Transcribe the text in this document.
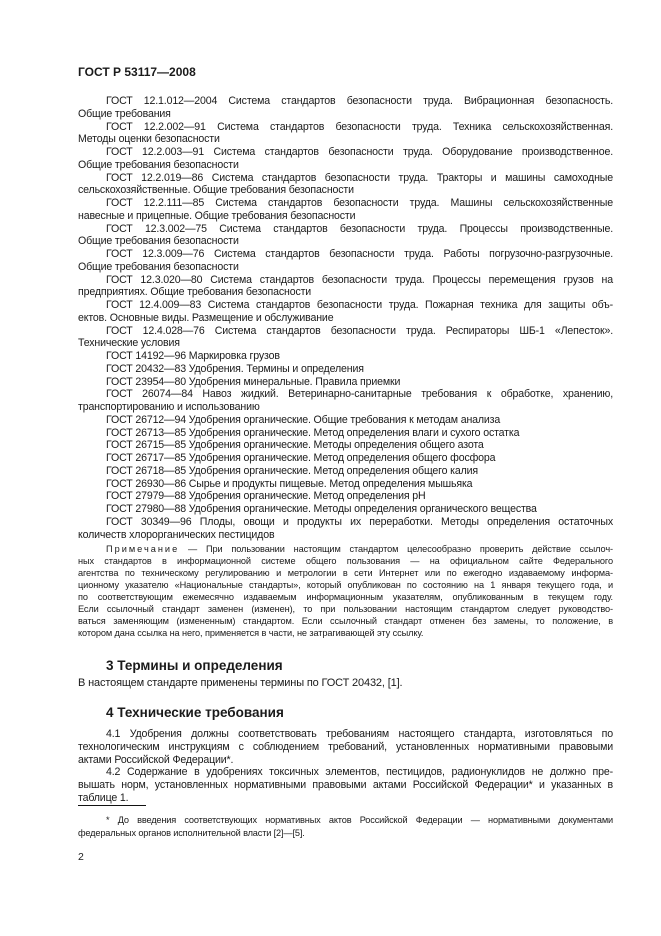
ГОСТ Р 53117—2008
ГОСТ 12.1.012—2004 Система стандартов безопасности труда. Вибрационная безопасность.
Общие требования
ГОСТ 12.2.002—91 Система стандартов безопасности труда. Техника сельскохозяйственная.
Методы оценки безопасности
ГОСТ 12.2.003—91 Система стандартов безопасности труда. Оборудование производственное.
Общие требования безопасности
ГОСТ 12.2.019—86 Система стандартов безопасности труда. Тракторы и машины самоходные
сельскохозяйственные. Общие требования безопасности
ГОСТ 12.2.111—85 Система стандартов безопасности труда. Машины сельскохозяйственные
навесные и прицепные. Общие требования безопасности
ГОСТ 12.3.002—75 Система стандартов безопасности труда. Процессы производственные.
Общие требования безопасности
ГОСТ 12.3.009—76 Система стандартов безопасности труда. Работы погрузочно-разгрузочные.
Общие требования безопасности
ГОСТ 12.3.020—80 Система стандартов безопасности труда. Процессы перемещения грузов на
предприятиях. Общие требования безопасности
ГОСТ 12.4.009—83 Система стандартов безопасности труда. Пожарная техника для защиты объ-
ектов. Основные виды. Размещение и обслуживание
ГОСТ 12.4.028—76 Система стандартов безопасности труда. Респираторы ШБ-1 «Лепесток».
Технические условия
ГОСТ 14192—96 Маркировка грузов
ГОСТ 20432—83 Удобрения. Термины и определения
ГОСТ 23954—80 Удобрения минеральные. Правила приемки
ГОСТ 26074—84 Навоз жидкий. Ветеринарно-санитарные требования к обработке, хранению,
транспортированию и использованию
ГОСТ 26712—94 Удобрения органические. Общие требования к методам анализа
ГОСТ 26713—85 Удобрения органические. Метод определения влаги и сухого остатка
ГОСТ 26715—85 Удобрения органические. Методы определения общего азота
ГОСТ 26717—85 Удобрения органические. Метод определения общего фосфора
ГОСТ 26718—85 Удобрения органические. Метод определения общего калия
ГОСТ 26930—86 Сырье и продукты пищевые. Метод определения мышьяка
ГОСТ 27979—88 Удобрения органические. Метод определения pH
ГОСТ 27980—88 Удобрения органические. Методы определения органического вещества
ГОСТ 30349—96 Плоды, овощи и продукты их переработки. Методы определения остаточных
количеств хлорорганических пестицидов
Примечание — При пользовании настоящим стандартом целесообразно проверить действие ссылоч-
ных стандартов в информационной системе общего пользования — на официальном сайте Федерального
агентства по техническому регулированию и метрологии в сети Интернет или по ежегодно издаваемому информа-
ционному указателю «Национальные стандарты», который опубликован по состоянию на 1 января текущего года, и
по соответствующим ежемесячно издаваемым информационным указателям, опубликованным в текущем году.
Если ссылочный стандарт заменен (изменен), то при пользовании настоящим стандартом следует руководство-
ваться заменяющим (измененным) стандартом. Если ссылочный стандарт отменен без замены, то положение, в
котором дана ссылка на него, применяется в части, не затрагивающей эту ссылку.
3 Термины и определения
В настоящем стандарте применены термины по ГОСТ 20432, [1].
4 Технические требования
4.1 Удобрения должны соответствовать требованиям настоящего стандарта, изготовляться по
технологическим инструкциям с соблюдением требований, установленных нормативными правовыми
актами Российской Федерации*.
4.2 Содержание в удобрениях токсичных элементов, пестицидов, радионуклидов не должно пре-
вышать норм, установленных нормативными правовыми актами Российской Федерации* и указанных в
таблице 1.
* До введения соответствующих нормативных актов Российской Федерации — нормативными документами
федеральных органов исполнительной власти [2]—[5].
2
